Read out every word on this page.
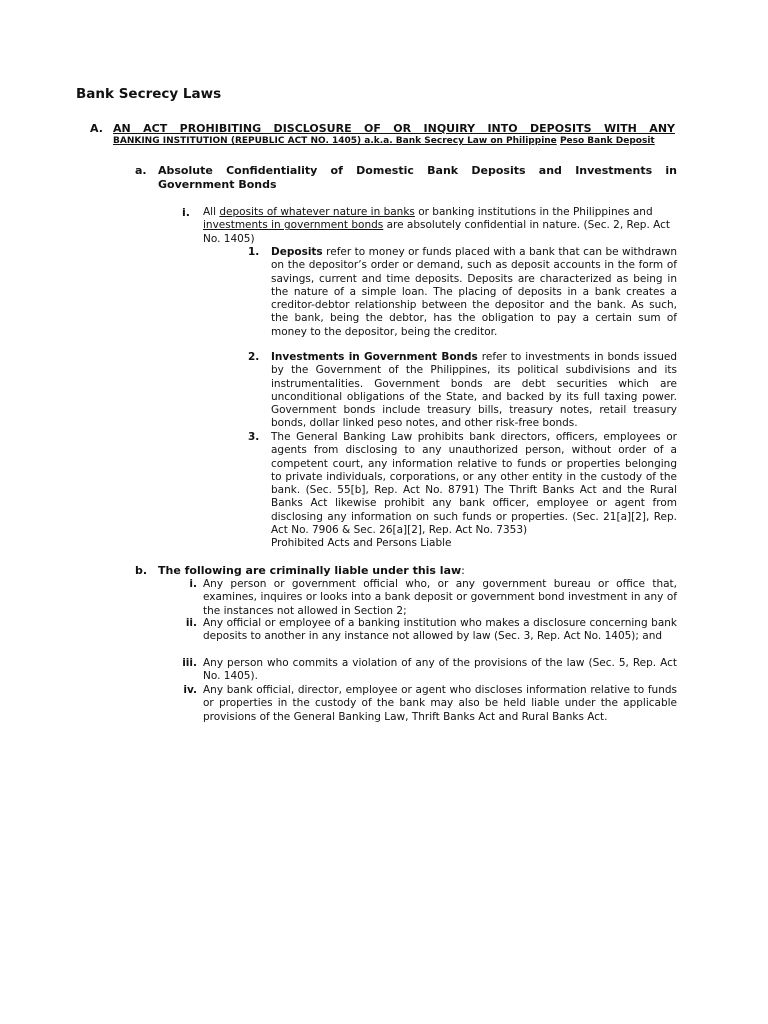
Bank Secrecy Laws
A. AN ACT PROHIBITING DISCLOSURE OF OR INQUIRY INTO DEPOSITS WITH ANY
BANKING INSTITUTION (REPUBLIC ACT NO. 1405) a.k.a. Bank Secrecy Law on Philippine Peso Bank Deposit
a. Absolute Confidentiality of Domestic Bank Deposits and Investments in Government Bonds
i. All deposits of whatever nature in banks or banking institutions in the Philippines and investments in government bonds are absolutely confidential in nature. (Sec. 2, Rep. Act No. 1405)
1. Deposits refer to money or funds placed with a bank that can be withdrawn on the depositor’s order or demand, such as deposit accounts in the form of savings, current and time deposits. Deposits are characterized as being in the nature of a simple loan. The placing of deposits in a bank creates a creditor-debtor relationship between the depositor and the bank. As such, the bank, being the debtor, has the obligation to pay a certain sum of money to the depositor, being the creditor.
2. Investments in Government Bonds refer to investments in bonds issued by the Government of the Philippines, its political subdivisions and its instrumentalities. Government bonds are debt securities which are unconditional obligations of the State, and backed by its full taxing power. Government bonds include treasury bills, treasury notes, retail treasury bonds, dollar linked peso notes, and other risk-free bonds.
3. The General Banking Law prohibits bank directors, officers, employees or agents from disclosing to any unauthorized person, without order of a competent court, any information relative to funds or properties belonging to private individuals, corporations, or any other entity in the custody of the bank. (Sec. 55[b], Rep. Act No. 8791) The Thrift Banks Act and the Rural Banks Act likewise prohibit any bank officer, employee or agent from disclosing any information on such funds or properties. (Sec. 21[a][2], Rep. Act No. 7906 & Sec. 26[a][2], Rep. Act No. 7353)
Prohibited Acts and Persons Liable
b. The following are criminally liable under this law:
i. Any person or government official who, or any government bureau or office that, examines, inquires or looks into a bank deposit or government bond investment in any of the instances not allowed in Section 2;
ii. Any official or employee of a banking institution who makes a disclosure concerning bank deposits to another in any instance not allowed by law (Sec. 3, Rep. Act No. 1405); and
iii. Any person who commits a violation of any of the provisions of the law (Sec. 5, Rep. Act No. 1405).
iv. Any bank official, director, employee or agent who discloses information relative to funds or properties in the custody of the bank may also be held liable under the applicable provisions of the General Banking Law, Thrift Banks Act and Rural Banks Act.
